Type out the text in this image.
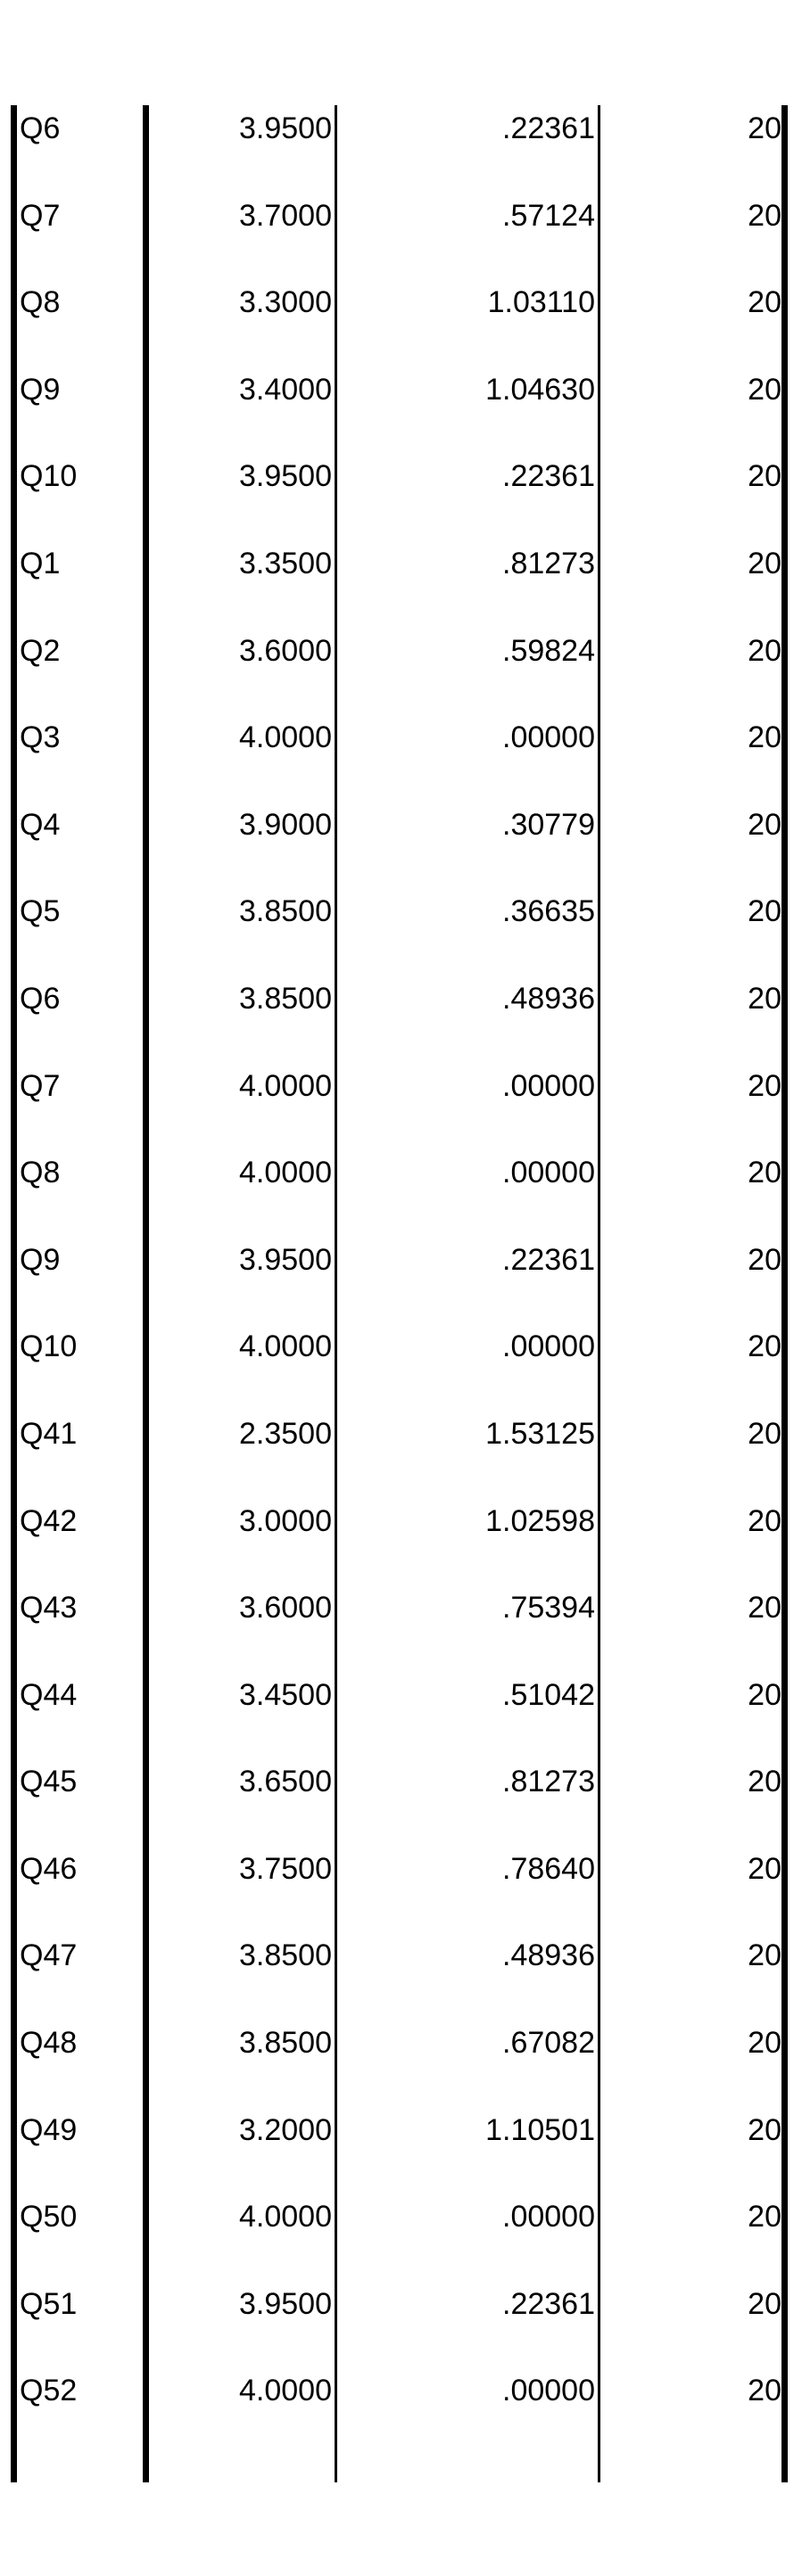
Q6	3.9500	.22361	20
Q7	3.7000	.57124	20
Q8	3.3000	1.03110	20
Q9	3.4000	1.04630	20
Q10	3.9500	.22361	20
Q1	3.3500	.81273	20
Q2	3.6000	.59824	20
Q3	4.0000	.00000	20
Q4	3.9000	.30779	20
Q5	3.8500	.36635	20
Q6	3.8500	.48936	20
Q7	4.0000	.00000	20
Q8	4.0000	.00000	20
Q9	3.9500	.22361	20
Q10	4.0000	.00000	20
Q41	2.3500	1.53125	20
Q42	3.0000	1.02598	20
Q43	3.6000	.75394	20
Q44	3.4500	.51042	20
Q45	3.6500	.81273	20
Q46	3.7500	.78640	20
Q47	3.8500	.48936	20
Q48	3.8500	.67082	20
Q49	3.2000	1.10501	20
Q50	4.0000	.00000	20
Q51	3.9500	.22361	20
Q52	4.0000	.00000	20
